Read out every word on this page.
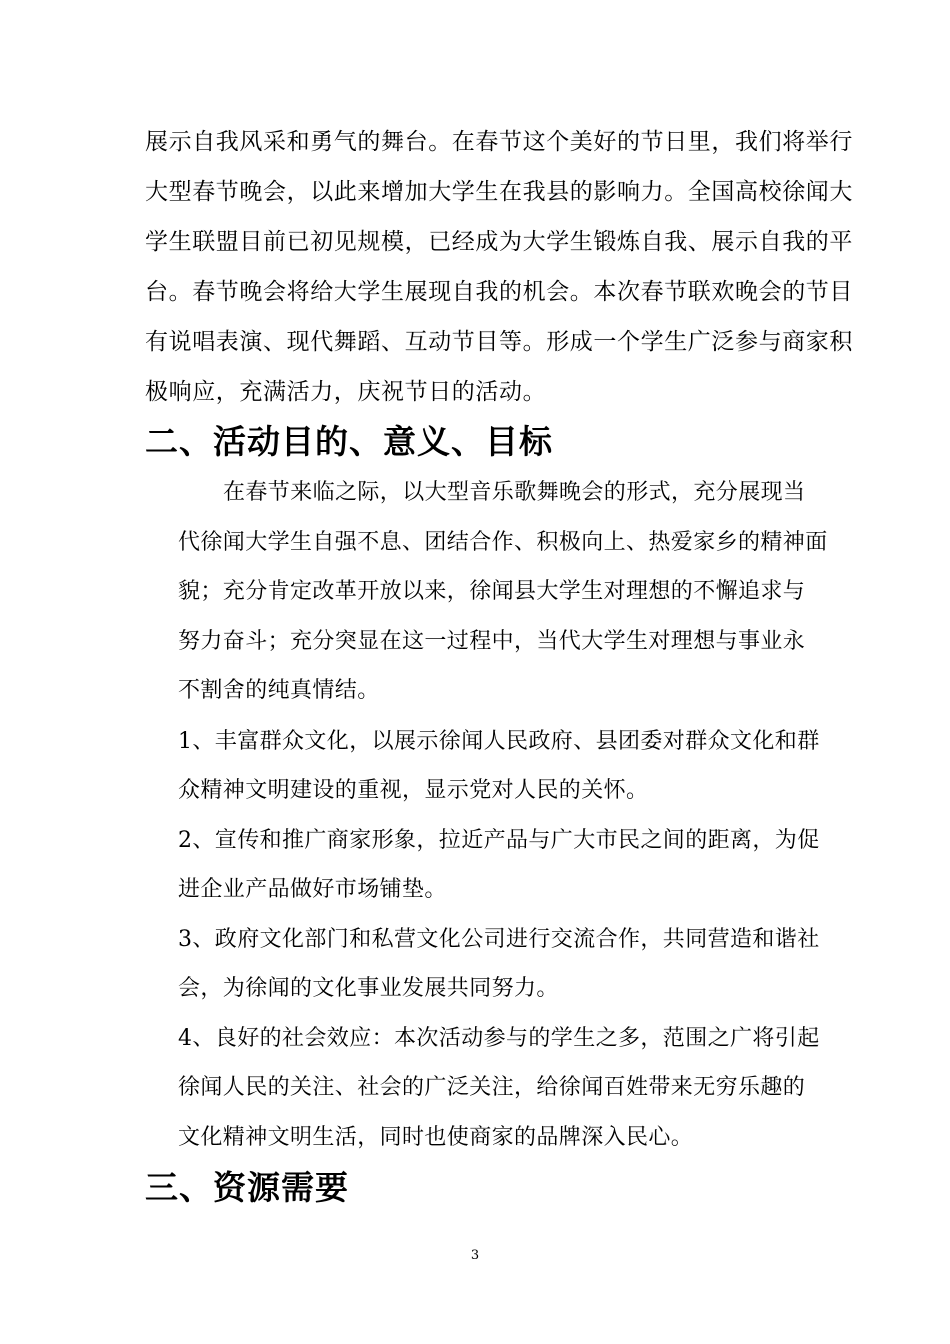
展示自我风采和勇气的舞台。在春节这个美好的节日里，我们将举行
大型春节晚会，以此来增加大学生在我县的影响力。全国高校徐闻大
学生联盟目前已初见规模，已经成为大学生锻炼自我、展示自我的平
台。春节晚会将给大学生展现自我的机会。本次春节联欢晚会的节目
有说唱表演、现代舞蹈、互动节目等。形成一个学生广泛参与商家积
极响应，充满活力，庆祝节日的活动。
二、活动目的、意义、目标
在春节来临之际，以大型音乐歌舞晚会的形式，充分展现当
代徐闻大学生自强不息、团结合作、积极向上、热爱家乡的精神面
貌；充分肯定改革开放以来，徐闻县大学生对理想的不懈追求与
努力奋斗；充分突显在这一过程中，当代大学生对理想与事业永
不割舍的纯真情结。
1、丰富群众文化，以展示徐闻人民政府、县团委对群众文化和群
众精神文明建设的重视，显示党对人民的关怀。
2、宣传和推广商家形象，拉近产品与广大市民之间的距离，为促
进企业产品做好市场铺垫。
3、政府文化部门和私营文化公司进行交流合作，共同营造和谐社
会，为徐闻的文化事业发展共同努力。
4、良好的社会效应：本次活动参与的学生之多，范围之广将引起
徐闻人民的关注、社会的广泛关注，给徐闻百姓带来无穷乐趣的
文化精神文明生活，同时也使商家的品牌深入民心。
三、资源需要
3
